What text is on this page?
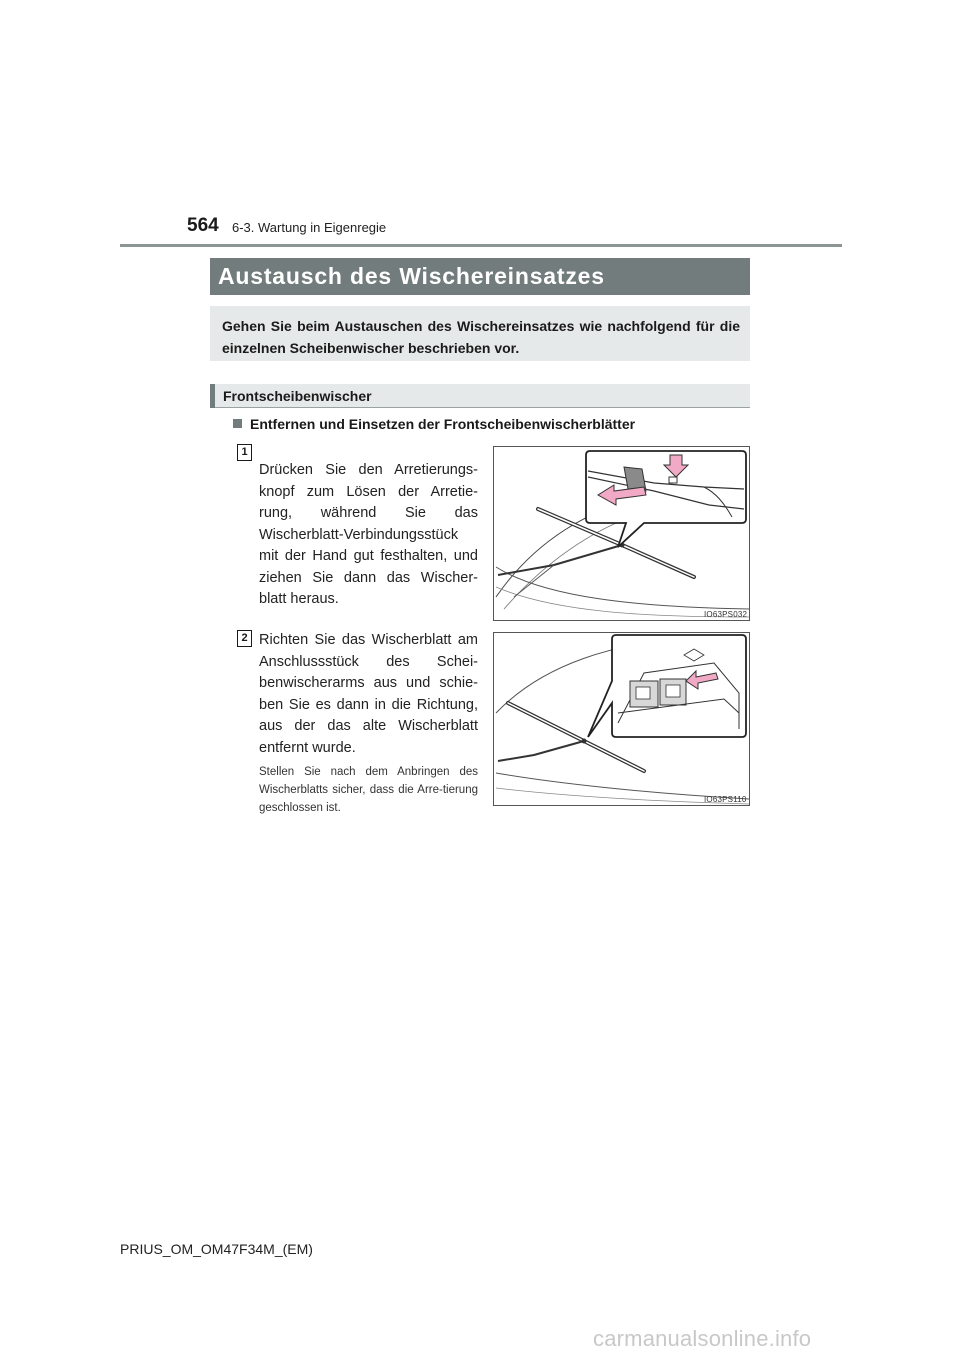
564 6-3. Wartung in Eigenregie
Austausch des Wischereinsatzes
Gehen Sie beim Austauschen des Wischereinsatzes wie nachfolgend für die einzelnen Scheibenwischer beschrieben vor.
Frontscheibenwischer
Entfernen und Einsetzen der Frontscheibenwischerblätter
1
Drücken Sie den Arretierungs-knopf zum Lösen der Arretie-rung, während Sie das Wischerblatt-Verbindungsstück mit der Hand gut festhalten, und ziehen Sie dann das Wischer-blatt heraus.
IO63PS032
2 Richten Sie das Wischerblatt am Anschlussstück des Schei-benwischerarms aus und schie-ben Sie es dann in die Richtung, aus der das alte Wischerblatt entfernt wurde.
Stellen Sie nach dem Anbringen des Wischerblatts sicher, dass die Arre-tierung geschlossen ist.
IO63PS110
PRIUS_OM_OM47F34M_(EM)
carmanualsonline.info
